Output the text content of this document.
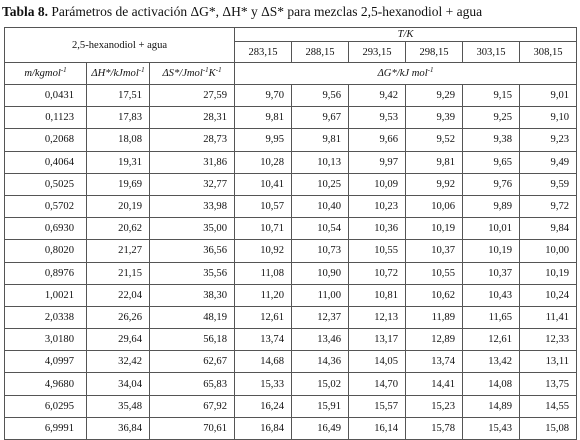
Tabla 8. Parámetros de activación ΔG*, ΔH* y ΔS* para mezclas 2,5-hexanodiol + agua
2,5-hexanodiol + agua			T/K					
			283,15	288,15	293,15	298,15	303,15	308,15
m/kgmol$^{-1}$	ΔH*/kJmol$^{-1}$	$\Delta S*/Jmol^{-1}K^{-1}$	ΔG*/kJ mol$^{-1}$
0,0431	17,51	27,59	9,70	9,56	9,42	9,29	9,15	9,01
0,1123	17,83	28,31	9,81	9,67	9,53	9,39	9,25	9,10
0,2068	18,08	28,73	9,95	9,81	9,66	9,52	9,38	9,23
0,4064	19,31	31,86	10,28	10,13	9,97	9,81	9,65	9,49
0,5025	19,69	32,77	10,41	10,25	10,09	9,92	9,76	9,59
0,5702	20,19	33,98	10,57	10,40	10,23	10,06	9,89	9,72
0,6930	20,62	35,00	10,71	10,54	10,36	10,19	10,01	9,84
0,8020	21,27	36,56	10,92	10,73	10,55	10,37	10,19	10,00
0,8976	21,15	35,56	11,08	10,90	10,72	10,55	10,37	10,19
1,0021	22,04	38,30	11,20	11,00	10,81	10,62	10,43	10,24
2,0338	26,26	48,19	12,61	12,37	12,13	11,89	11,65	11,41
3,0180	29,64	56,18	13,74	13,46	13,17	12,89	12,61	12,33
4,0997	32,42	62,67	14,68	14,36	14,05	13,74	13,42	13,11
4,9680	34,04	65,83	15,33	15,02	14,70	14,41	14,08	13,75
6,0295	35,48	67,92	16,24	15,91	15,57	15,23	14,89	14,55
6,9991	36,84	70,61	16,84	16,49	16,14	15,78	15,43	15,08
